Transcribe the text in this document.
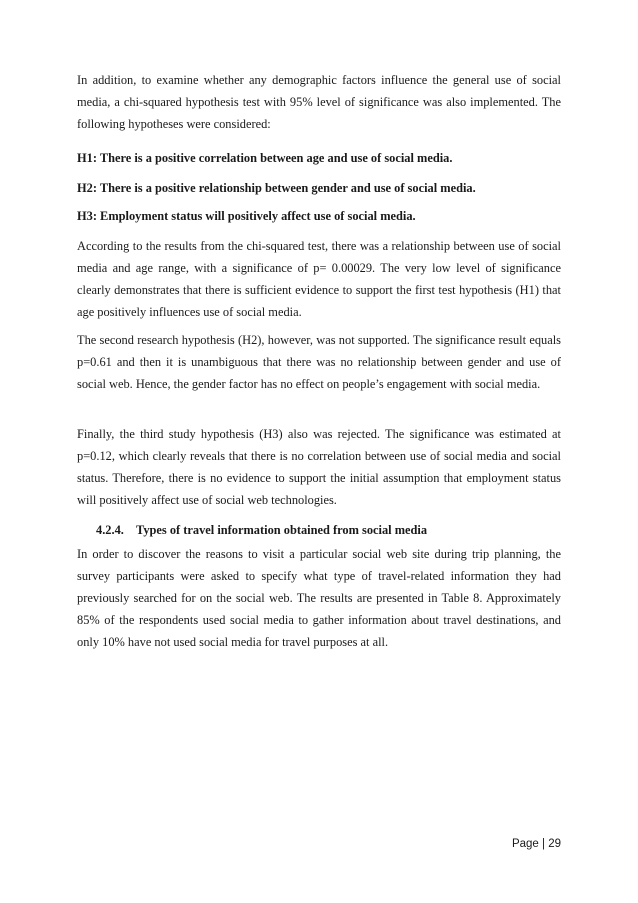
In addition, to examine whether any demographic factors influence the general use of social media, a chi-squared hypothesis test with 95% level of significance was also implemented. The following hypotheses were considered:

H1: There is a positive correlation between age and use of social media.

H2: There is a positive relationship between gender and use of social media.

H3: Employment status will positively affect use of social media.

According to the results from the chi-squared test, there was a relationship between use of social media and age range, with a significance of p= 0.00029. The very low level of significance clearly demonstrates that there is sufficient evidence to support the first test hypothesis (H1) that age positively influences use of social media.

The second research hypothesis (H2), however, was not supported. The significance result equals p=0.61 and then it is unambiguous that there was no relationship between gender and use of social web. Hence, the gender factor has no effect on people’s engagement with social media.

Finally, the third study hypothesis (H3) also was rejected. The significance was estimated at p=0.12, which clearly reveals that there is no correlation between use of social media and social status. Therefore, there is no evidence to support the initial assumption that employment status will positively affect use of social web technologies.

4.2.4. Types of travel information obtained from social media

In order to discover the reasons to visit a particular social web site during trip planning, the survey participants were asked to specify what type of travel-related information they had previously searched for on the social web. The results are presented in Table 8. Approximately 85% of the respondents used social media to gather information about travel destinations, and only 10% have not used social media for travel purposes at all.

Page | 29
